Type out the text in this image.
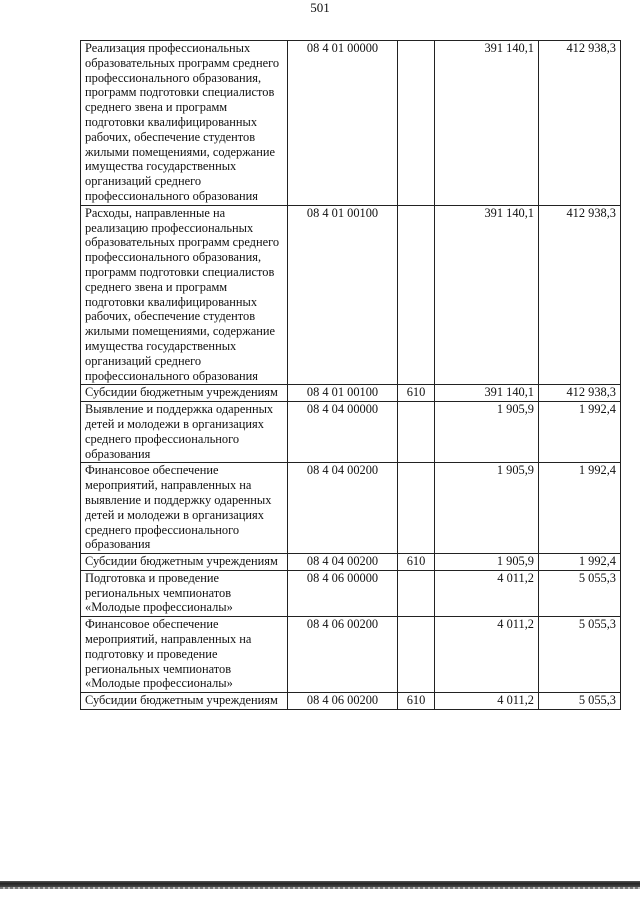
501
Реализация профессиональных образовательных программ среднего профессионального образования, программ подготовки специалистов среднего звена и программ подготовки квалифицированных рабочих, обеспечение студентов жилыми помещениями, содержание имущества государственных организаций среднего профессионального образования	08 4 01 00000		391 140,1	412 938,3
Расходы, направленные на реализацию профессиональных образовательных программ среднего профессионального образования, программ подготовки специалистов среднего звена и программ подготовки квалифицированных рабочих, обеспечение студентов жилыми помещениями, содержание имущества государственных организаций среднего профессионального образования	08 4 01 00100		391 140,1	412 938,3
Субсидии бюджетным учреждениям	08 4 01 00100	610	391 140,1	412 938,3
Выявление и поддержка одаренных детей и молодежи в организациях среднего профессионального образования	08 4 04 00000		1 905,9	1 992,4
Финансовое обеспечение мероприятий, направленных на выявление и поддержку одаренных детей и молодежи в организациях среднего профессионального образования	08 4 04 00200		1 905,9	1 992,4
Субсидии бюджетным учреждениям	08 4 04 00200	610	1 905,9	1 992,4
Подготовка и проведение региональных чемпионатов «Молодые профессионалы»	08 4 06 00000		4 011,2	5 055,3
Финансовое обеспечение мероприятий, направленных на подготовку и проведение региональных чемпионатов «Молодые профессионалы»	08 4 06 00200		4 011,2	5 055,3
Субсидии бюджетным учреждениям	08 4 06 00200	610	4 011,2	5 055,3
